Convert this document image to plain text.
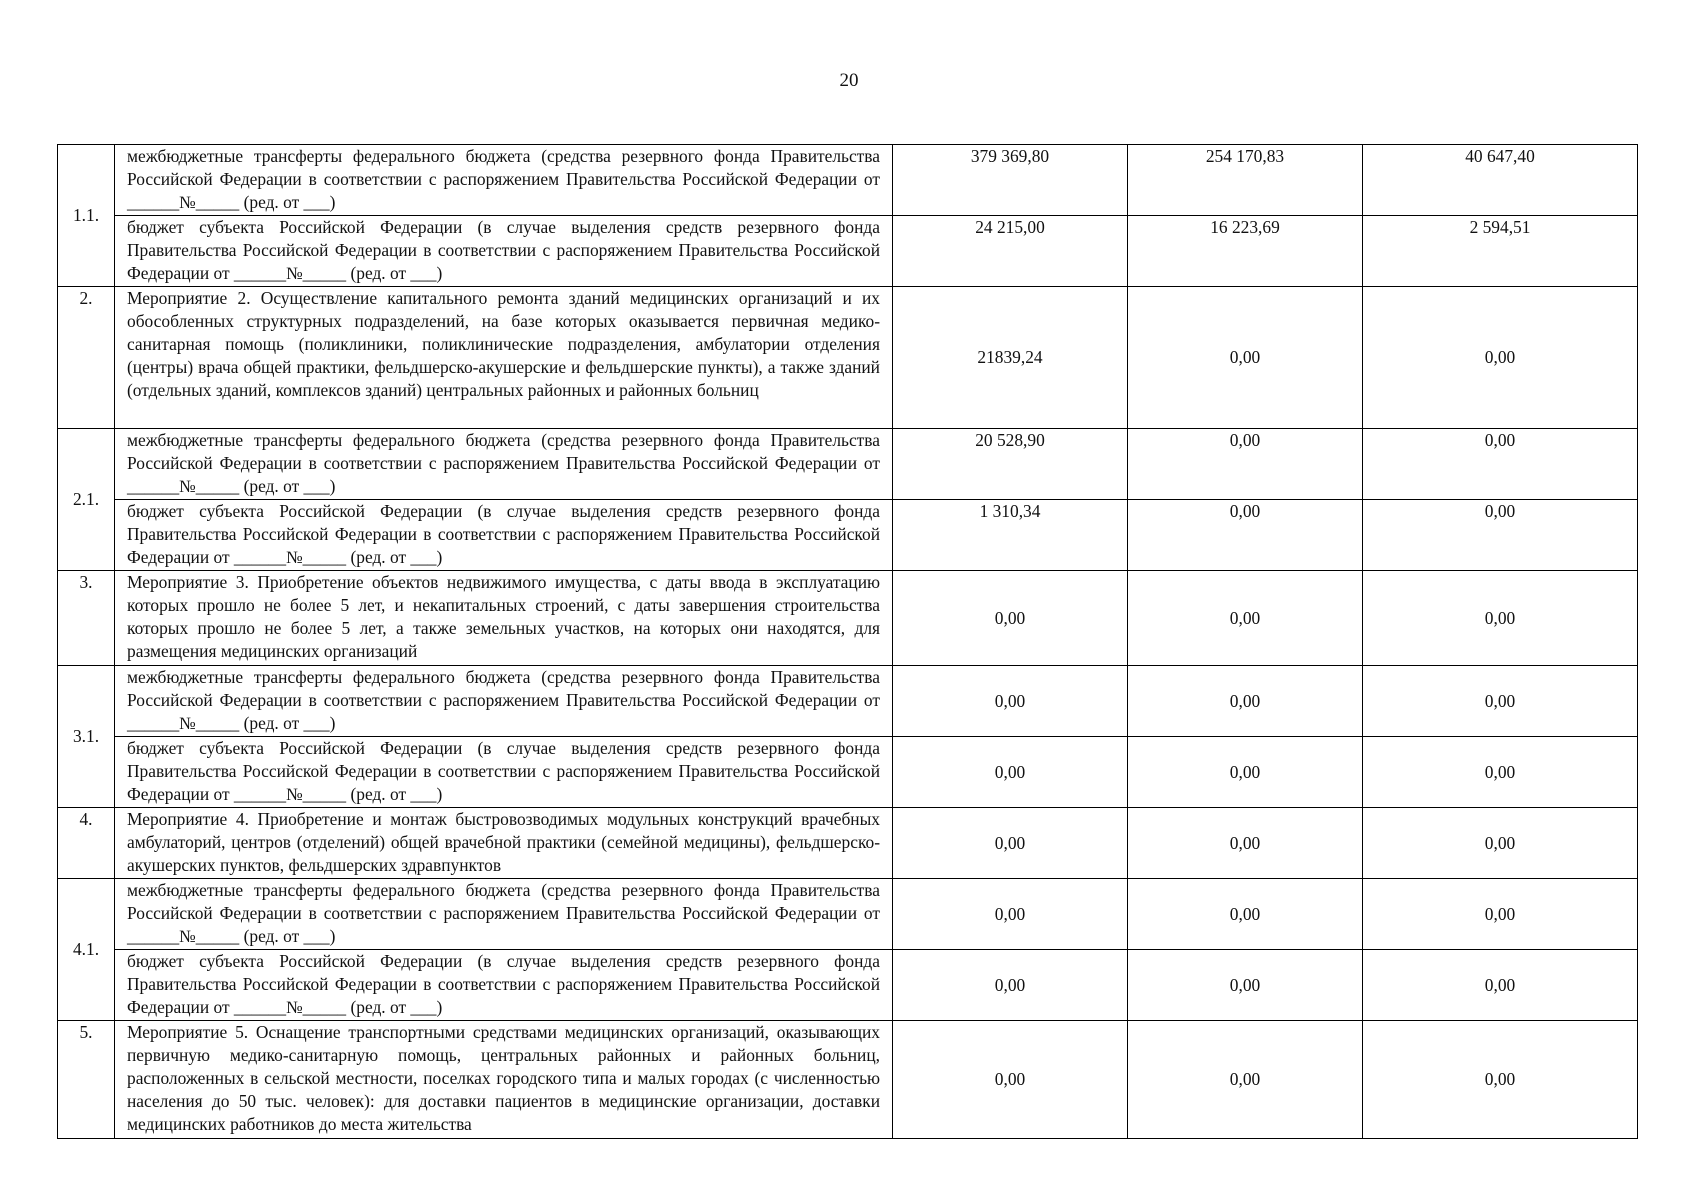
20
1.1.	межбюджетные трансферты федерального бюджета (средства резервного фонда Правительства Российской Федерации в соответствии с распоряжением Правительства Российской Федерации от ______№_____ (ред. от ___)	379 369,80	254 170,83	40 647,40
	бюджет субъекта Российской Федерации (в случае выделения средств резервного фонда Правительства Российской Федерации в соответствии с распоряжением Правительства Российской Федерации от ______№_____ (ред. от ___)	24 215,00	16 223,69	2 594,51
2.	Мероприятие 2. Осуществление капитального ремонта зданий медицинских организаций и их обособленных структурных подразделений, на базе которых оказывается первичная медико-санитарная помощь (поликлиники, поликлинические подразделения, амбулатории отделения (центры) врача общей практики, фельдшерско-акушерские и фельдшерские пункты), а также зданий (отдельных зданий, комплексов зданий) центральных районных и районных больниц	21839,24	0,00	0,00
2.1.	межбюджетные трансферты федерального бюджета (средства резервного фонда Правительства Российской Федерации в соответствии с распоряжением Правительства Российской Федерации от ______№_____ (ред. от ___)	20 528,90	0,00	0,00
	бюджет субъекта Российской Федерации (в случае выделения средств резервного фонда Правительства Российской Федерации в соответствии с распоряжением Правительства Российской Федерации от ______№_____ (ред. от ___)	1 310,34	0,00	0,00
3.	Мероприятие 3. Приобретение объектов недвижимого имущества, с даты ввода в эксплуатацию которых прошло не более 5 лет, и некапитальных строений, с даты завершения строительства которых прошло не более 5 лет, а также земельных участков, на которых они находятся, для размещения медицинских организаций	0,00	0,00	0,00
3.1.	межбюджетные трансферты федерального бюджета (средства резервного фонда Правительства Российской Федерации в соответствии с распоряжением Правительства Российской Федерации от ______№_____ (ред. от ___)	0,00	0,00	0,00
	бюджет субъекта Российской Федерации (в случае выделения средств резервного фонда Правительства Российской Федерации в соответствии с распоряжением Правительства Российской Федерации от ______№_____ (ред. от ___)	0,00	0,00	0,00
4.	Мероприятие 4. Приобретение и монтаж быстровозводимых модульных конструкций врачебных амбулаторий, центров (отделений) общей врачебной практики (семейной медицины), фельдшерско-акушерских пунктов, фельдшерских здравпунктов	0,00	0,00	0,00
4.1.	межбюджетные трансферты федерального бюджета (средства резервного фонда Правительства Российской Федерации в соответствии с распоряжением Правительства Российской Федерации от ______№_____ (ред. от ___)	0,00	0,00	0,00
	бюджет субъекта Российской Федерации (в случае выделения средств резервного фонда Правительства Российской Федерации в соответствии с распоряжением Правительства Российской Федерации от ______№_____ (ред. от ___)	0,00	0,00	0,00
5.	Мероприятие 5. Оснащение транспортными средствами медицинских организаций, оказывающих первичную медико-санитарную помощь, центральных районных и районных больниц, расположенных в сельской местности, поселках городского типа и малых городах (с численностью населения до 50 тыс. человек): для доставки пациентов в медицинские организации, доставки медицинских работников до места жительства	0,00	0,00	0,00
